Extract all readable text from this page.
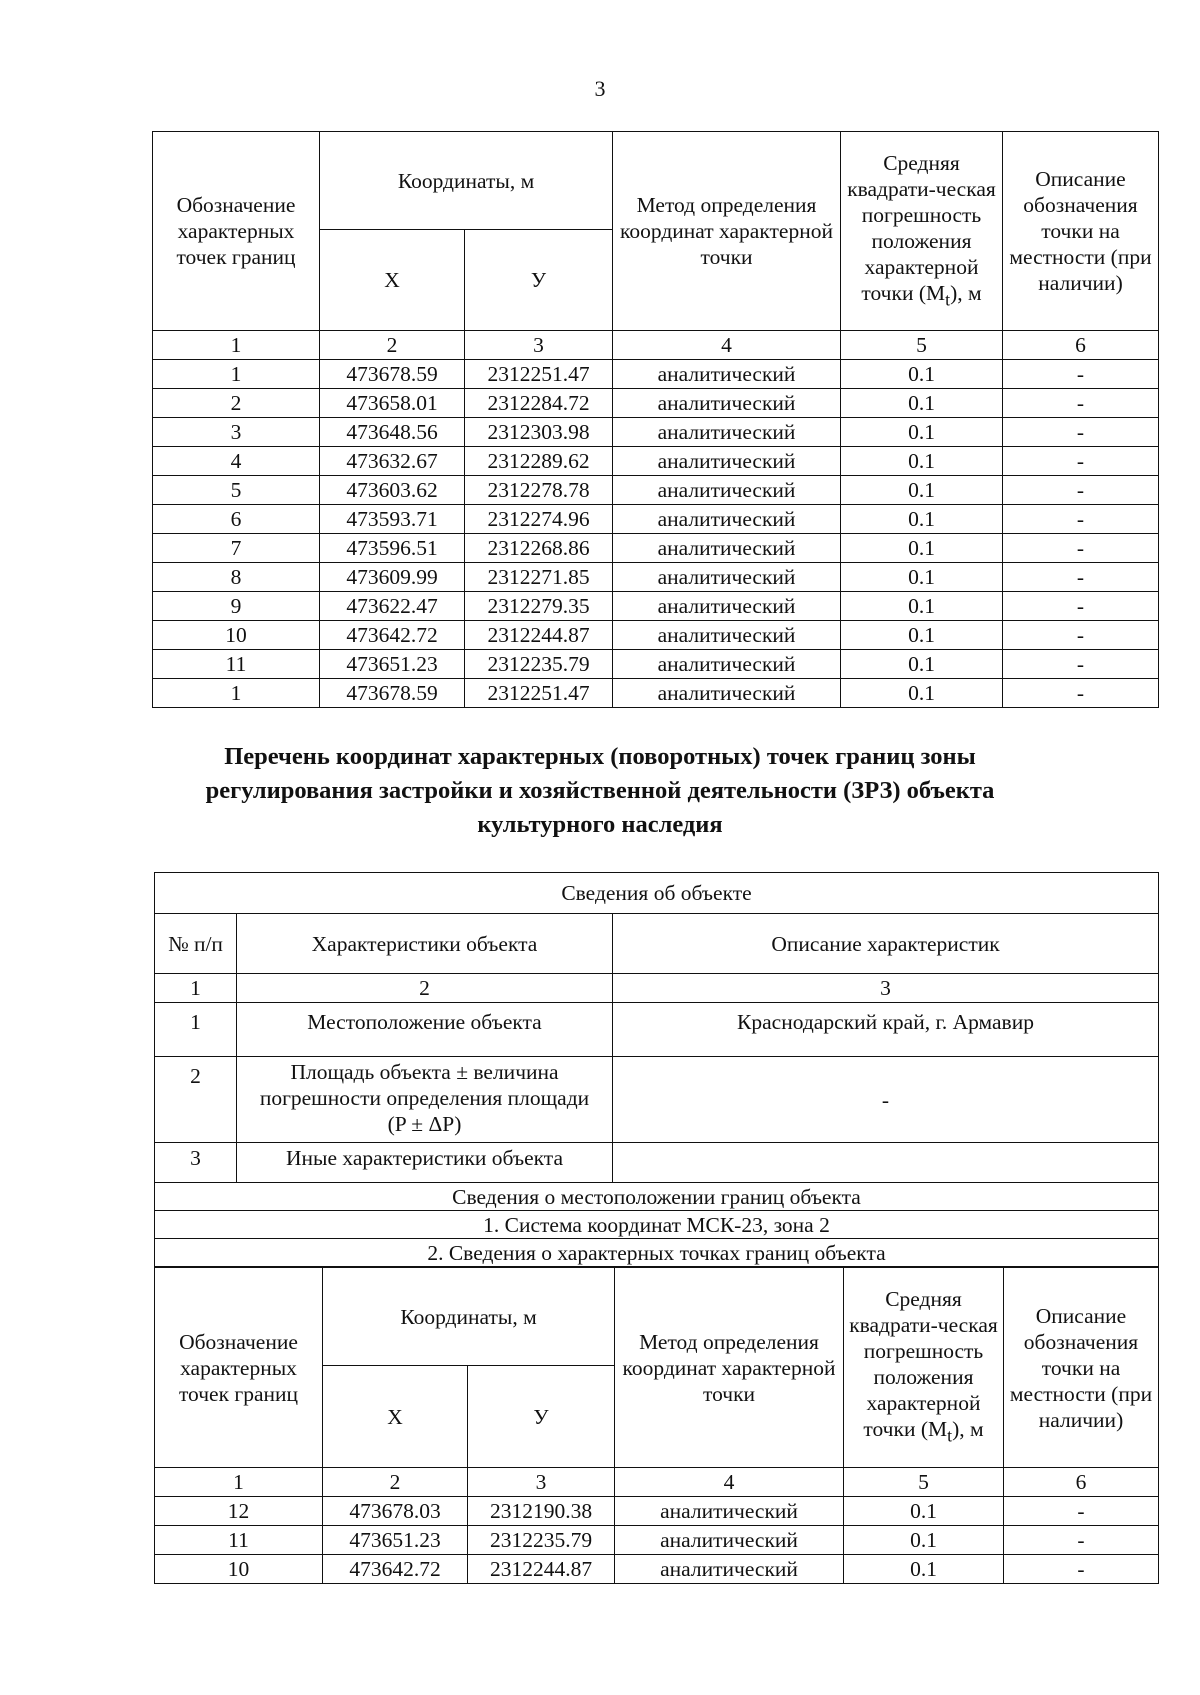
3
Обозначение характерных точек границ	Координаты, м		Метод определения координат характерной точки	Средняя квадрати-ческая погрешность положения характерной точки $(M_t)$, м	Описание обозначения точки на местности (при наличии)
	X	У			
1	2	3	4	5	6
1	473678.59	2312251.47	аналитический	0.1	-
2	473658.01	2312284.72	аналитический	0.1	-
3	473648.56	2312303.98	аналитический	0.1	-
4	473632.67	2312289.62	аналитический	0.1	-
5	473603.62	2312278.78	аналитический	0.1	-
6	473593.71	2312274.96	аналитический	0.1	-
7	473596.51	2312268.86	аналитический	0.1	-
8	473609.99	2312271.85	аналитический	0.1	-
9	473622.47	2312279.35	аналитический	0.1	-
10	473642.72	2312244.87	аналитический	0.1	-
11	473651.23	2312235.79	аналитический	0.1	-
1	473678.59	2312251.47	аналитический	0.1	-
Перечень координат характерных (поворотных) точек границ зоны регулирования застройки и хозяйственной деятельности (ЗРЗ) объекта культурного наследия
Сведения об объекте		
№ п/п	Характеристики объекта	Описание характеристик
1	2	3
1	Местоположение объекта	Краснодарский край, г. Армавир
2	Площадь объекта ± величина погрешности определения площади (P ± ΔP)	-
3	Иные характеристики объекта	
Сведения о местоположении границ объекта		
1. Система координат МСК-23, зона 2		
2. Сведения о характерных точках границ объекта		
Обозначение характерных точек границ	Координаты, м		Метод определения координат характерной точки	Средняя квадрати-ческая погрешность положения характерной точки $(M_t)$, м	Описание обозначения точки на местности (при наличии)
	X	У			
1	2	3	4	5	6
12	473678.03	2312190.38	аналитический	0.1	-
11	473651.23	2312235.79	аналитический	0.1	-
10	473642.72	2312244.87	аналитический	0.1	-
